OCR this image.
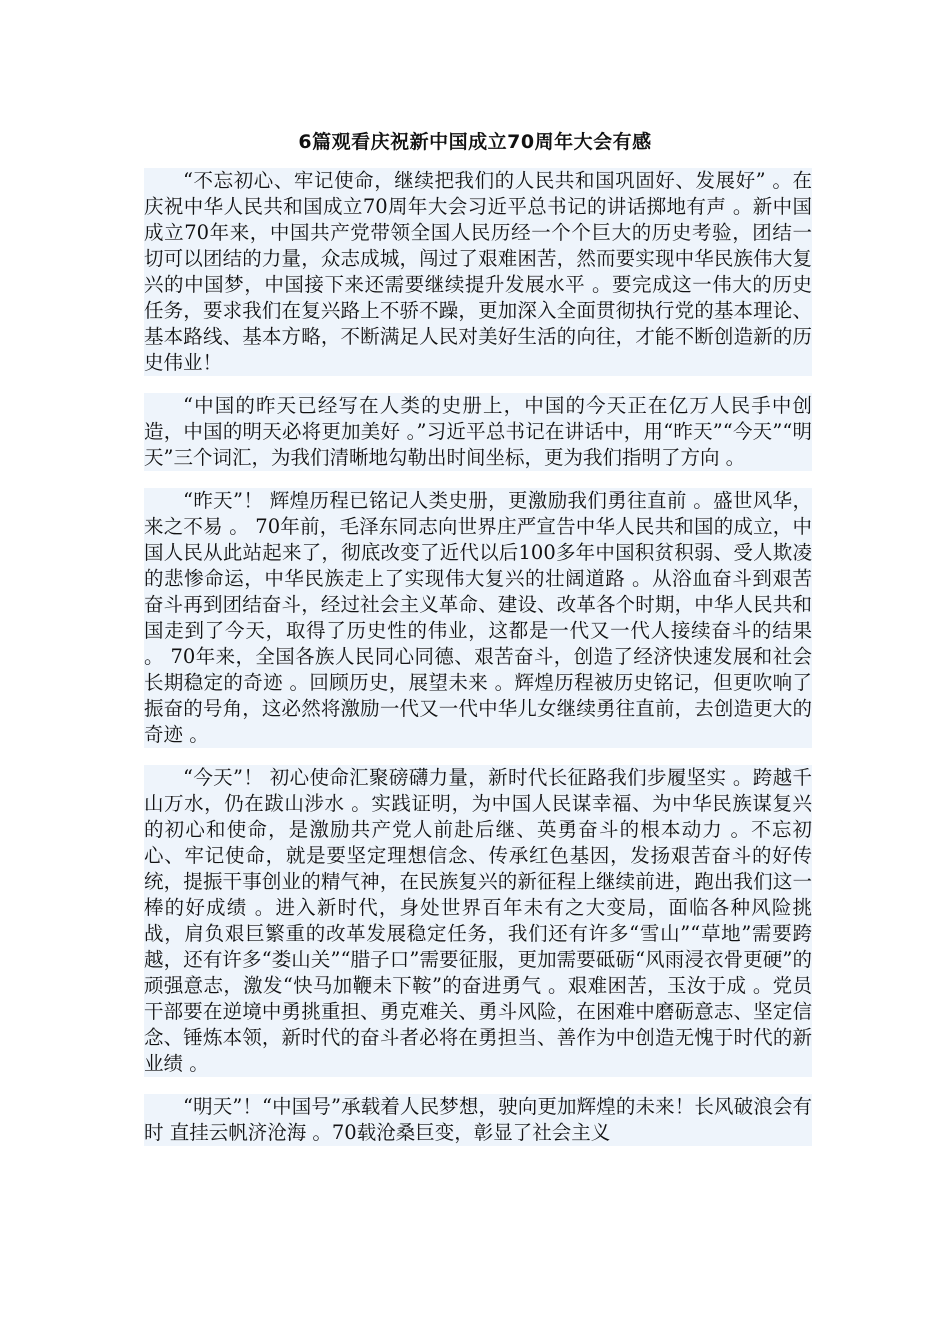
6篇观看庆祝新中国成立70周年大会有感

“不忘初心、牢记使命，继续把我们的人民共和国巩固好、发展好” 。在庆祝中华人民共和国成立70周年大会习近平总书记的讲话掷地有声 。新中国成立70年来，中国共产党带领全国人民历经一个个巨大的历史考验，团结一切可以团结的力量，众志成城，闯过了艰难困苦，然而要实现中华民族伟大复兴的中国梦，中国接下来还需要继续提升发展水平 。要完成这一伟大的历史任务，要求我们在复兴路上不骄不躁，更加深入全面贯彻执行党的基本理论、基本路线、基本方略，不断满足人民对美好生活的向往，才能不断创造新的历史伟业！

“中国的昨天已经写在人类的史册上，中国的今天正在亿万人民手中创造，中国的明天必将更加美好 。”习近平总书记在讲话中，用“昨天”“今天”“明天”三个词汇，为我们清晰地勾勒出时间坐标，更为我们指明了方向 。

“昨天”！ 辉煌历程已铭记人类史册，更激励我们勇往直前 。盛世风华，来之不易 。 70年前，毛泽东同志向世界庄严宣告中华人民共和国的成立，中国人民从此站起来了，彻底改变了近代以后100多年中国积贫积弱、受人欺凌的悲惨命运，中华民族走上了实现伟大复兴的壮阔道路 。从浴血奋斗到艰苦奋斗再到团结奋斗，经过社会主义革命、建设、改革各个时期，中华人民共和国走到了今天，取得了历史性的伟业，这都是一代又一代人接续奋斗的结果 。 70年来，全国各族人民同心同德、艰苦奋斗，创造了经济快速发展和社会长期稳定的奇迹 。回顾历史，展望未来 。辉煌历程被历史铭记，但更吹响了振奋的号角，这必然将激励一代又一代中华儿女继续勇往直前，去创造更大的奇迹 。

“今天”！ 初心使命汇聚磅礴力量，新时代长征路我们步履坚实 。跨越千山万水，仍在跋山涉水 。实践证明，为中国人民谋幸福、为中华民族谋复兴的初心和使命，是激励共产党人前赴后继、英勇奋斗的根本动力 。不忘初心、牢记使命，就是要坚定理想信念、传承红色基因，发扬艰苦奋斗的好传统，提振干事创业的精气神，在民族复兴的新征程上继续前进，跑出我们这一棒的好成绩 。进入新时代，身处世界百年未有之大变局，面临各种风险挑战，肩负艰巨繁重的改革发展稳定任务，我们还有许多“雪山”“草地”需要跨越，还有许多“娄山关”“腊子口”需要征服，更加需要砥砺“风雨浸衣骨更硬”的顽强意志，激发“快马加鞭未下鞍”的奋进勇气 。艰难困苦，玉汝于成 。党员干部要在逆境中勇挑重担、勇克难关、勇斗风险，在困难中磨砺意志、坚定信念、锤炼本领，新时代的奋斗者必将在勇担当、善作为中创造无愧于时代的新业绩 。

“明天”！“中国号”承载着人民梦想，驶向更加辉煌的未来！长风破浪会有时 直挂云帆济沧海 。70载沧桑巨变，彰显了社会主义
